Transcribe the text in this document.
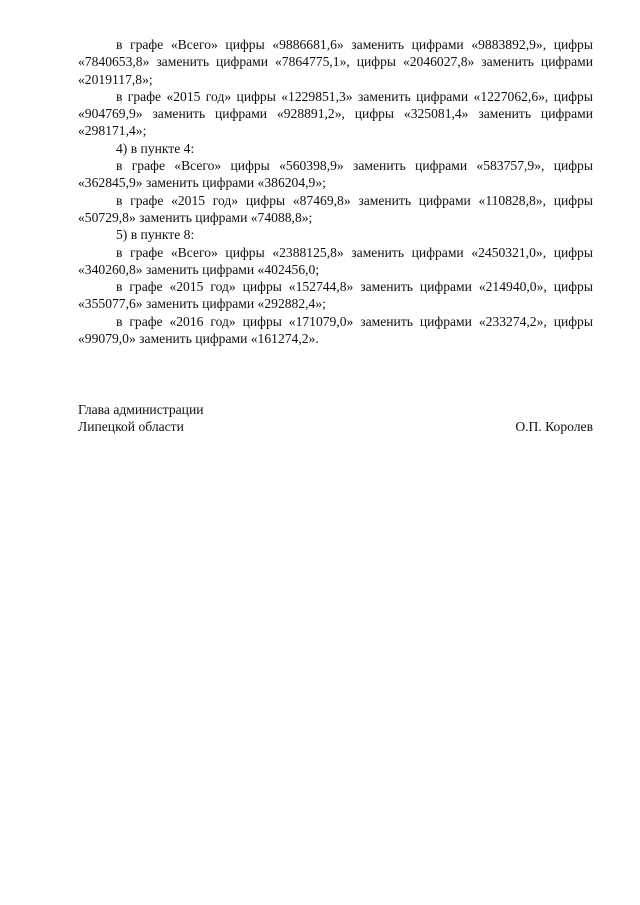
в графе «Всего» цифры «9886681,6» заменить цифрами «9883892,9», цифры «7840653,8» заменить цифрами «7864775,1», цифры «2046027,8» заменить цифрами «2019117,8»;

в графе «2015 год» цифры «1229851,3» заменить цифрами «1227062,6», цифры «904769,9» заменить цифрами «928891,2», цифры «325081,4» заменить цифрами «298171,4»;

4) в пункте 4:

в графе «Всего» цифры «560398,9» заменить цифрами «583757,9», цифры «362845,9» заменить цифрами «386204,9»;

в графе «2015 год» цифры «87469,8» заменить цифрами «110828,8», цифры «50729,8» заменить цифрами «74088,8»;

5) в пункте 8:

в графе «Всего» цифры «2388125,8» заменить цифрами «2450321,0», цифры «340260,8» заменить цифрами «402456,0;

в графе «2015 год» цифры «152744,8» заменить цифрами «214940,0», цифры «355077,6» заменить цифрами «292882,4»;

в графе «2016 год» цифры «171079,0» заменить цифрами «233274,2», цифры «99079,0» заменить цифрами «161274,2».

Глава администрации
Липецкой области	О.П. Королев
